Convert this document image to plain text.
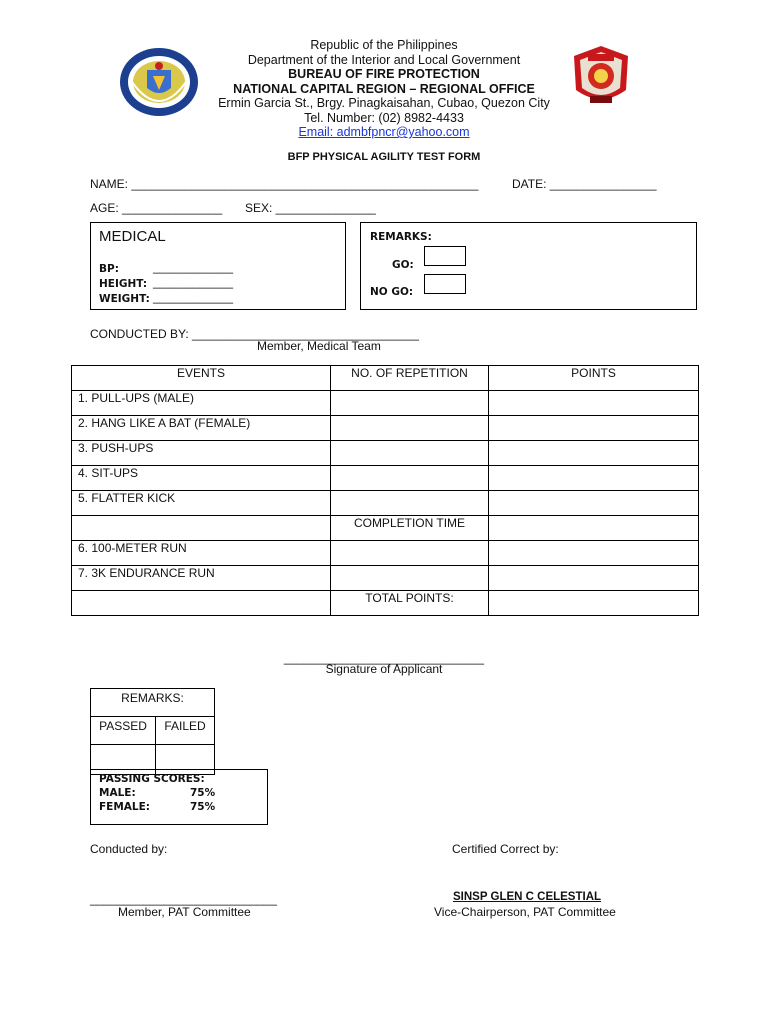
Republic of the Philippines
Department of the Interior and Local Government
BUREAU OF FIRE PROTECTION
NATIONAL CAPITAL REGION – REGIONAL OFFICE
Ermin Garcia St., Brgy. Pinagkaisahan, Cubao, Quezon City
Tel. Number: (02) 8982-4433
Email: admbfpncr@yahoo.com
BFP PHYSICAL AGILITY TEST FORM
NAME: ____________________________________________________	DATE: ________________
AGE: _______________ SEX: _______________
MEDICAL
BP:	____________
HEIGHT: ____________
WEIGHT: ____________
REMARKS:
GO:
NO GO:
CONDUCTED BY: __________________________________
Member, Medical Team
EVENTS	NO. OF REPETITION	POINTS
1. PULL-UPS (MALE)		
2. HANG LIKE A BAT (FEMALE)		
3. PUSH-UPS		
4. SIT-UPS		
5. FLATTER KICK		
	COMPLETION TIME	
6. 100-METER RUN		
7. 3K ENDURANCE RUN		
	TOTAL POINTS:	
______________________________
Signature of Applicant
REMARKS:	
PASSED	FAILED

PASSING SCORES:
MALE:	75%
FEMALE:	75%
Conducted by:	Certified Correct by:
____________________________
Member, PAT Committee
SINSP GLEN C CELESTIAL
Vice-Chairperson, PAT Committee
